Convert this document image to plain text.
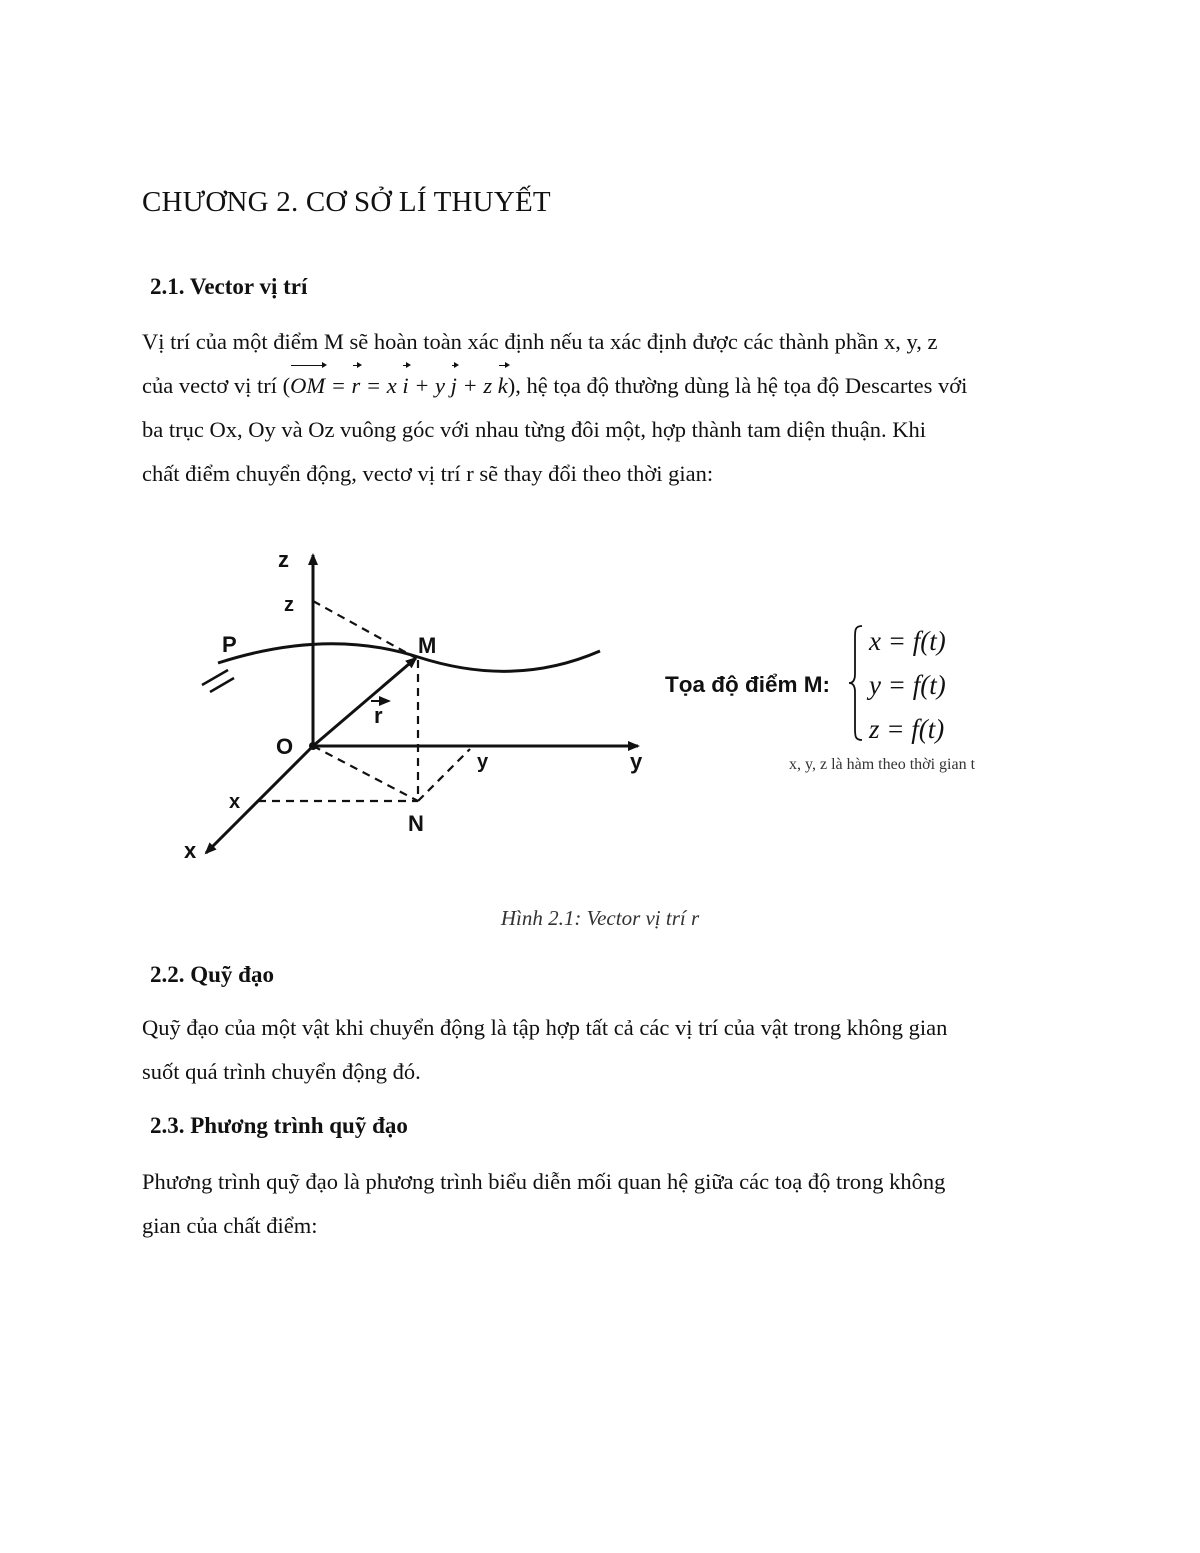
CHƯƠNG 2. CƠ SỞ LÍ THUYẾT
2.1. Vector vị trí
Vị trí của một điểm M sẽ hoàn toàn xác định nếu ta xác định được các thành phần x, y, z
của vectơ vị trí (OM = r = x i + y j + z k), hệ tọa độ thường dùng là hệ tọa độ Descartes với
ba trục Ox, Oy và Oz vuông góc với nhau từng đôi một, hợp thành tam diện thuận. Khi
chất điểm chuyển động, vectơ vị trí r sẽ thay đổi theo thời gian:
z
z
P	M
r
O
y	y
x
N
x

Tọa độ điểm M:

x = f(t)

y = f(t)

z = f(t)

x, y, z là hàm theo thời gian t

Hình 2.1: Vector vị trí r

2.2. Quỹ đạo
Quỹ đạo của một vật khi chuyển động là tập hợp tất cả các vị trí của vật trong không gian
suốt quá trình chuyển động đó.
2.3. Phương trình quỹ đạo
Phương trình quỹ đạo là phương trình biểu diễn mối quan hệ giữa các toạ độ trong không
gian của chất điểm:
